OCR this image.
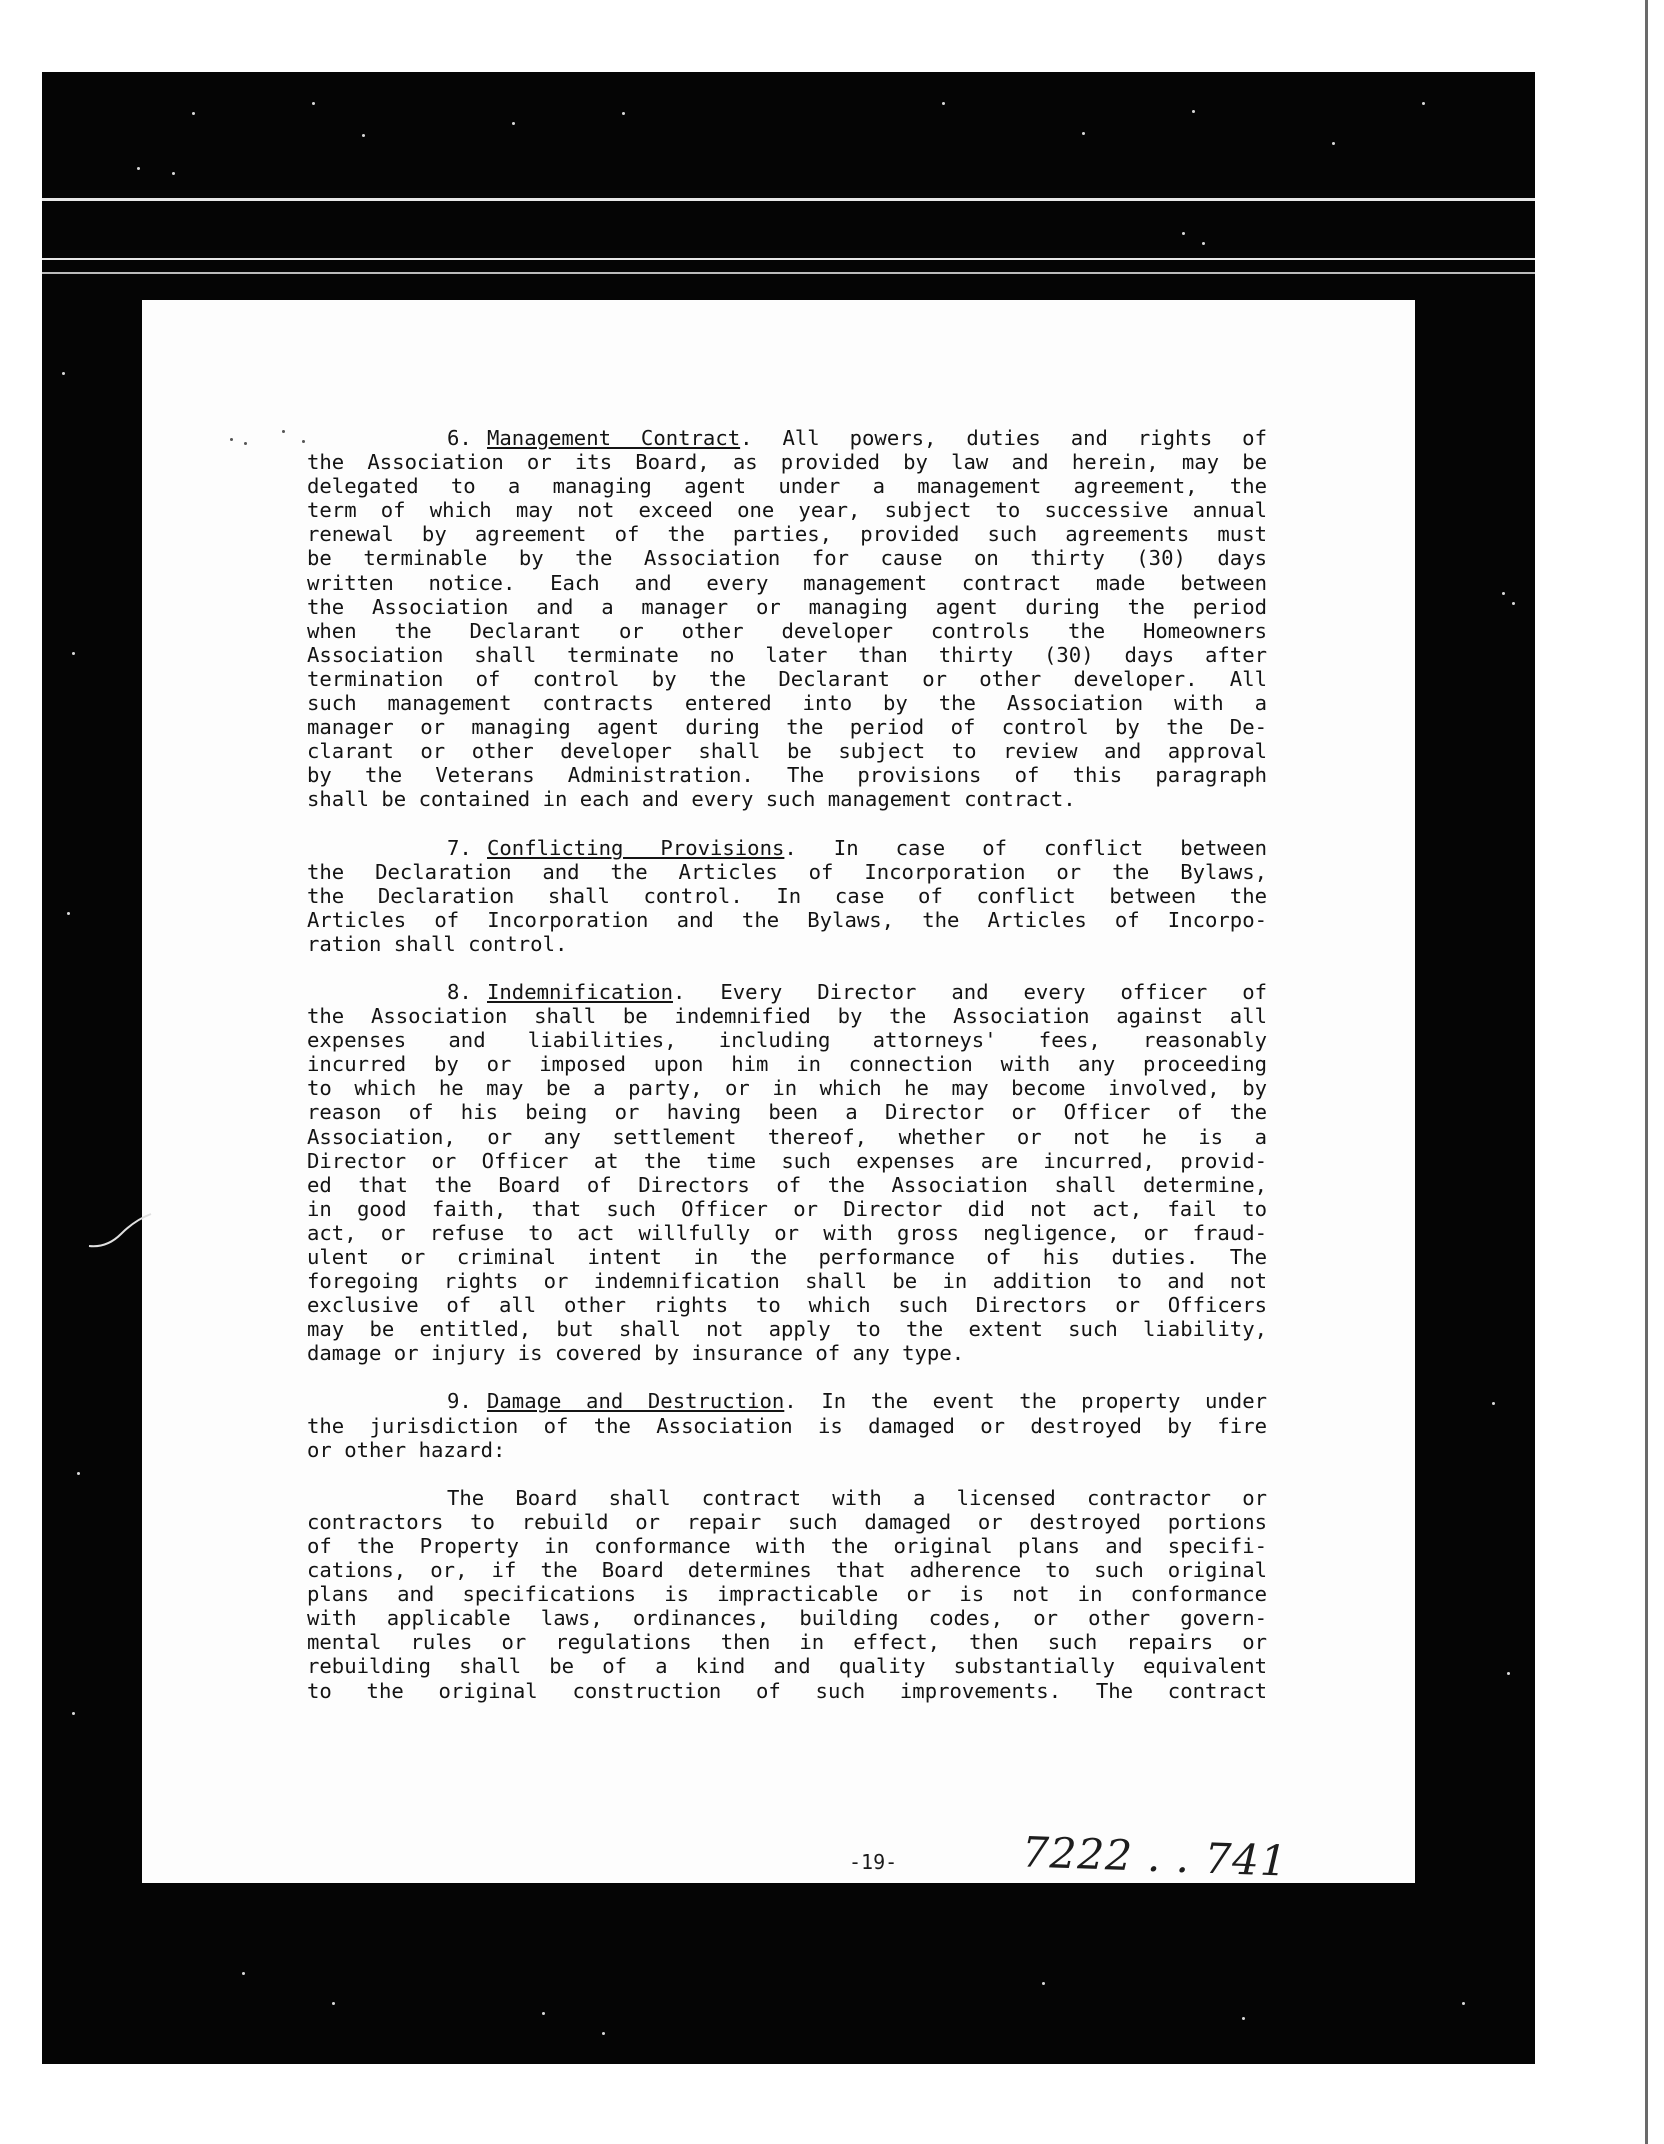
6. Management Contract. All powers, duties and rights of
the Association or its Board, as provided by law and herein, may be
delegated to a managing agent under a management agreement, the
term of which may not exceed one year, subject to successive annual
renewal by agreement of the parties, provided such agreements must
be terminable by the Association for cause on thirty (30) days
written notice. Each and every management contract made between
the Association and a manager or managing agent during the period
when the Declarant or other developer controls the Homeowners
Association shall terminate no later than thirty (30) days after
termination of control by the Declarant or other developer. All
such management contracts entered into by the Association with a
manager or managing agent during the period of control by the De-
clarant or other developer shall be subject to review and approval
by the Veterans Administration. The provisions of this paragraph
shall be contained in each and every such management contract.

7. Conflicting Provisions. In case of conflict between
the Declaration and the Articles of Incorporation or the Bylaws,
the Declaration shall control. In case of conflict between the
Articles of Incorporation and the Bylaws, the Articles of Incorpo-
ration shall control.

8. Indemnification. Every Director and every officer of
the Association shall be indemnified by the Association against all
expenses and liabilities, including attorneys' fees, reasonably
incurred by or imposed upon him in connection with any proceeding
to which he may be a party, or in which he may become involved, by
reason of his being or having been a Director or Officer of the
Association, or any settlement thereof, whether or not he is a
Director or Officer at the time such expenses are incurred, provid-
ed that the Board of Directors of the Association shall determine,
in good faith, that such Officer or Director did not act, fail to
act, or refuse to act willfully or with gross negligence, or fraud-
ulent or criminal intent in the performance of his duties. The
foregoing rights or indemnification shall be in addition to and not
exclusive of all other rights to which such Directors or Officers
may be entitled, but shall not apply to the extent such liability,
damage or injury is covered by insurance of any type.

9. Damage and Destruction. In the event the property under
the jurisdiction of the Association is damaged or destroyed by fire
or other hazard:

The Board shall contract with a licensed contractor or
contractors to rebuild or repair such damaged or destroyed portions
of the Property in conformance with the original plans and specifi-
cations, or, if the Board determines that adherence to such original
plans and specifications is impracticable or is not in conformance
with applicable laws, ordinances, building codes, or other govern-
mental rules or regulations then in effect, then such repairs or
rebuilding shall be of a kind and quality substantially equivalent
to the original construction of such improvements. The contract

-19-	7222 . . 741
